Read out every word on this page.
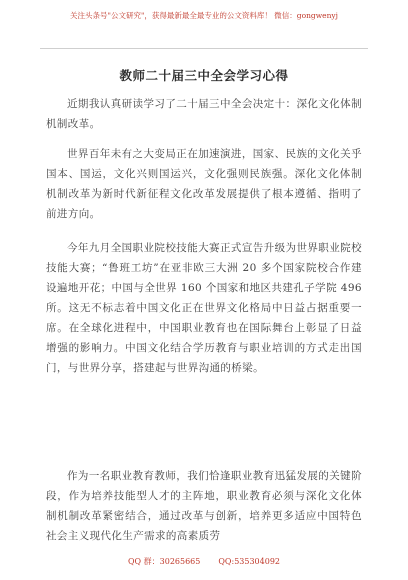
关注头条号"公文研究"，获得最新最全最专业的公文资料库！ 微信：gongwenyj
教师二十届三中全会学习心得

近期我认真研读学习了二十届三中全会决定十：深化文化体制机制改革。

世界百年未有之大变局正在加速演进，国家、民族的文化关乎国本、国运，文化兴则国运兴，文化强则民族强。深化文化体制机制改革为新时代新征程文化改革发展提供了根本遵循、指明了前进方向。

今年九月全国职业院校技能大赛正式宣告升级为世界职业院校技能大赛；“鲁班工坊”在亚非欧三大洲 20 多个国家院校合作建设遍地开花；中国与全世界 160 个国家和地区共建孔子学院 496 所。这无不标志着中国文化正在世界文化格局中日益占据重要一席。在全球化进程中，中国职业教育也在国际舞台上彰显了日益增强的影响力。中国文化结合学历教育与职业培训的方式走出国门，与世界分享，搭建起与世界沟通的桥梁。

作为一名职业教育教师，我们恰逢职业教育迅猛发展的关键阶段，作为培养技能型人才的主阵地，职业教育必须与深化文化体制机制改革紧密结合，通过改革与创新，培养更多适应中国特色社会主义现代化生产需求的高素质劳

QQ 群：30265665 QQ:535304092
